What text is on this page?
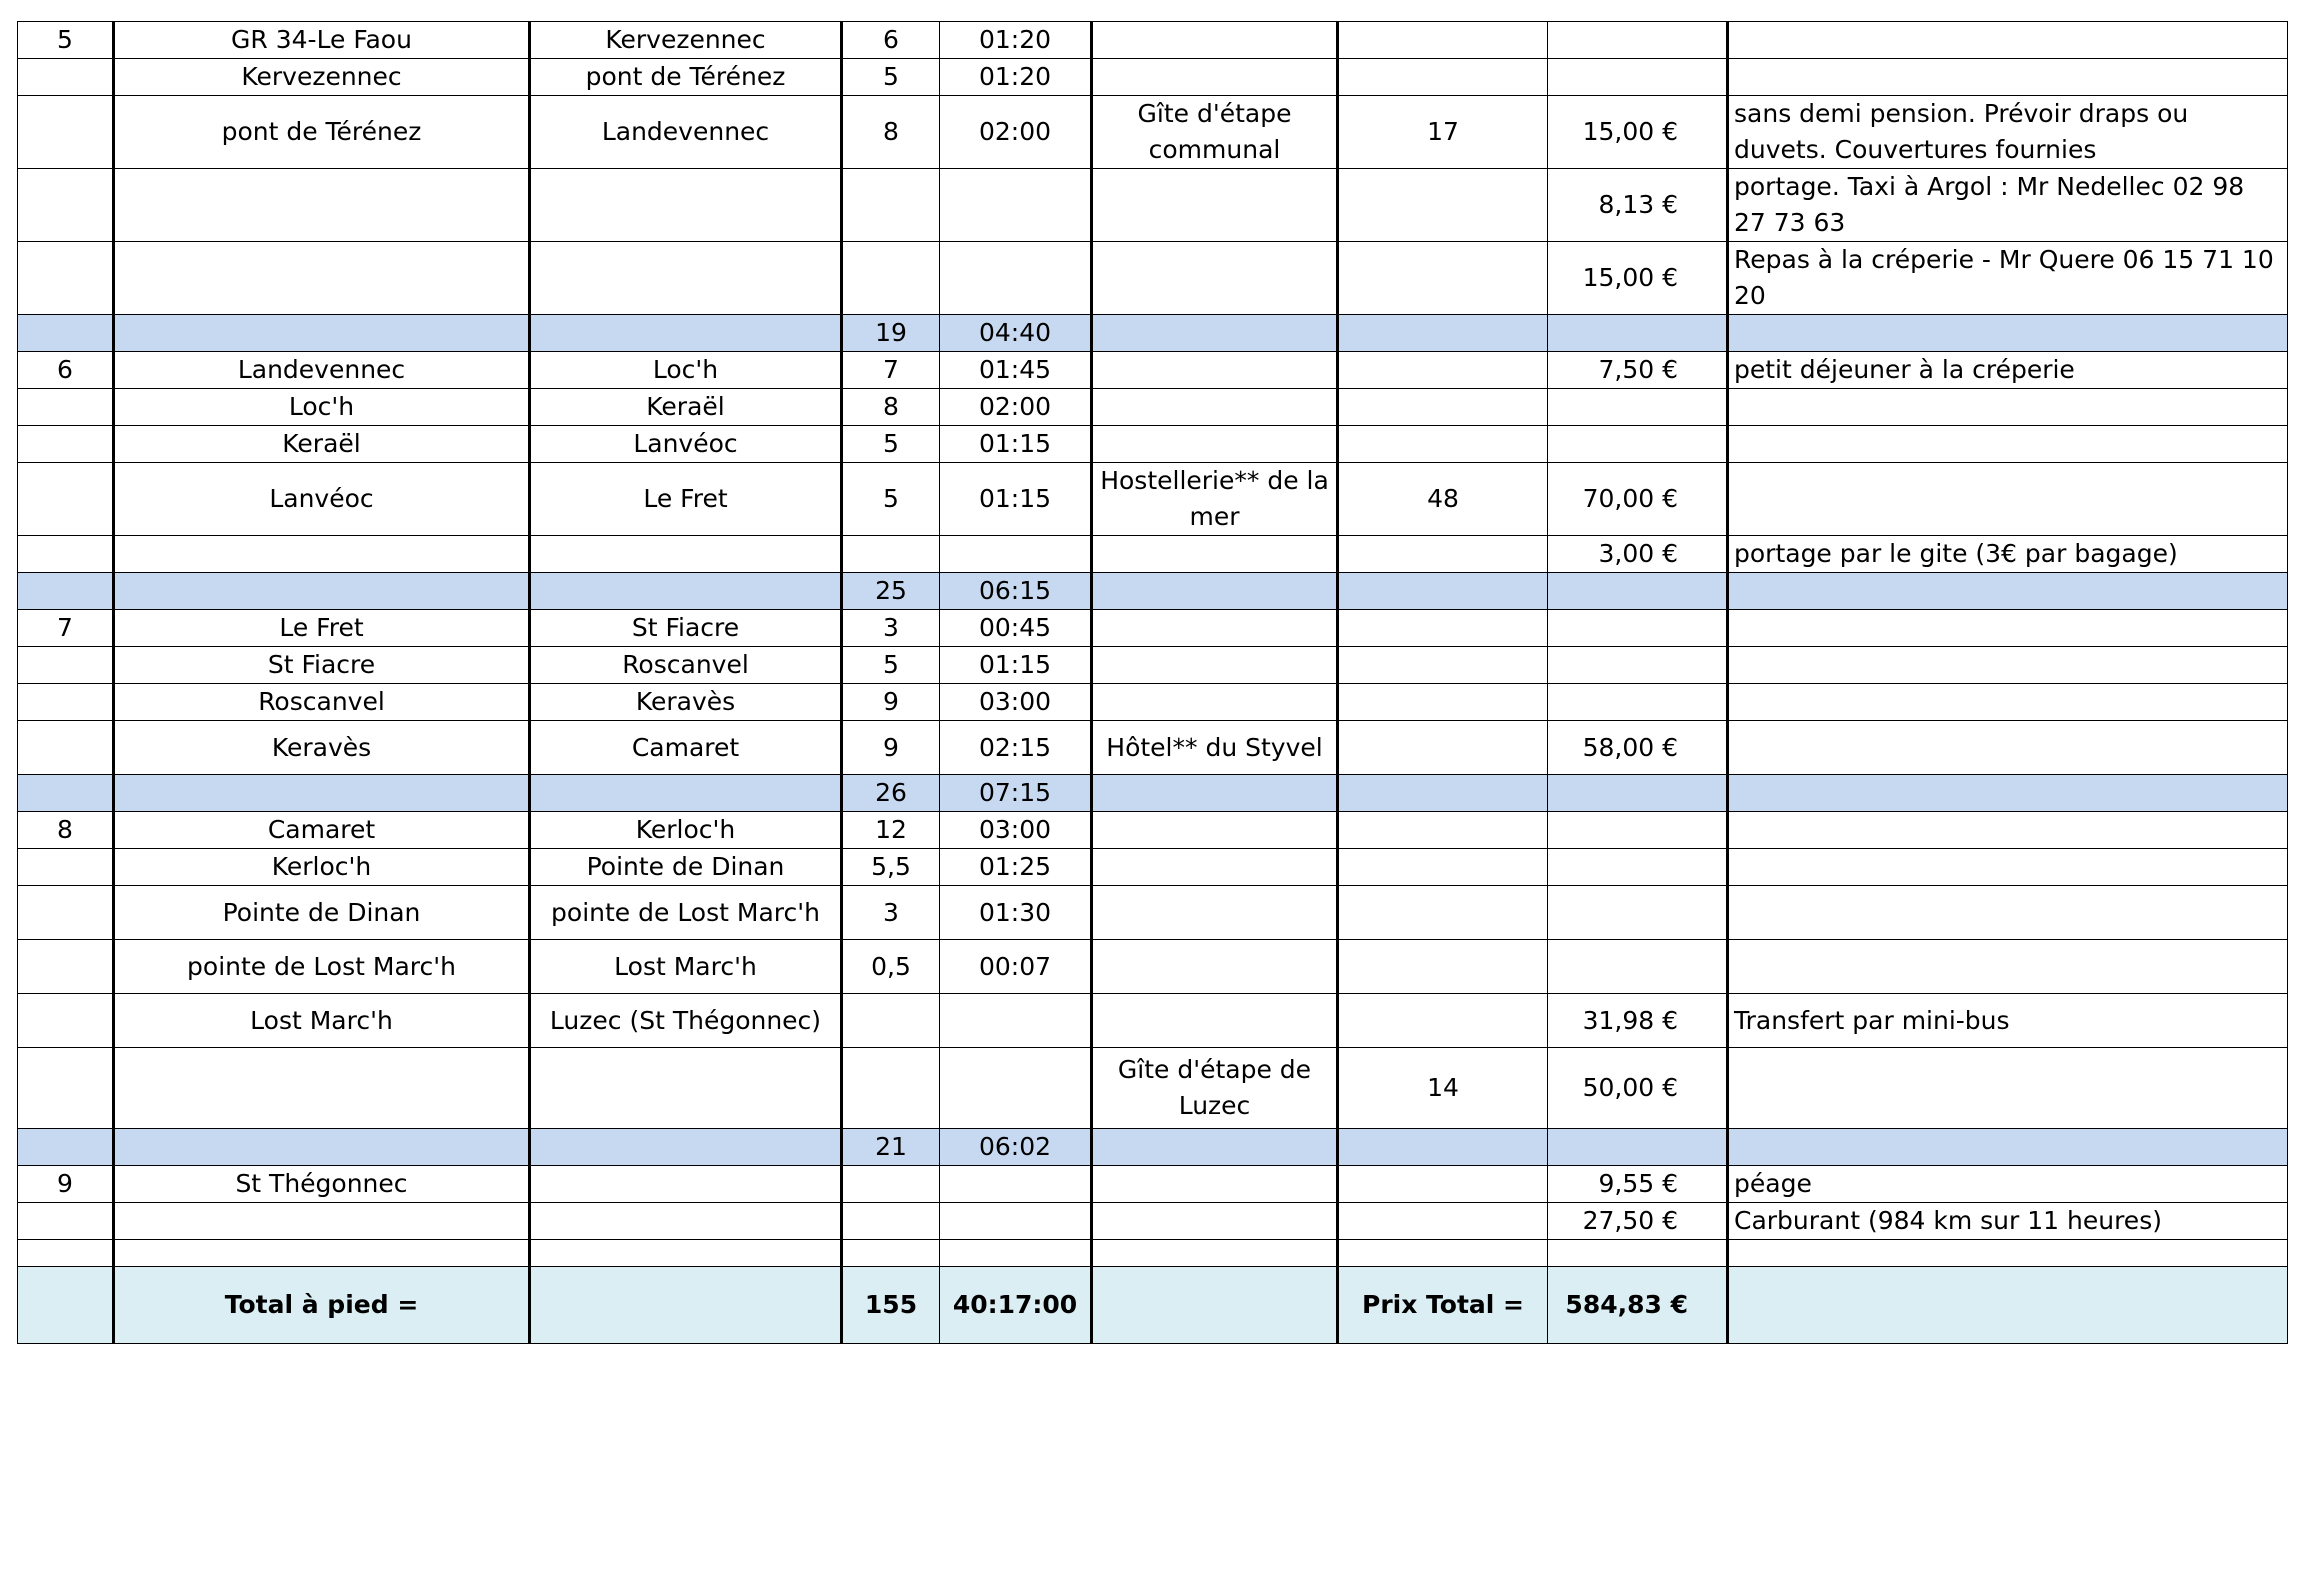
5	GR 34-Le Faou	Kervezennec	6	01:20				
	Kervezennec	pont de Térénez	5	01:20				
	pont de Térénez	Landevennec	8	02:00	Gîte d'étape communal	17	15,00 €	sans demi pension. Prévoir draps ou duvets. Couvertures fournies
							8,13 €	portage. Taxi à Argol : Mr Nedellec 02 98 27 73 63
							15,00 €	Repas à la créperie - Mr Quere 06 15 71 10 20
			19	04:40				
6	Landevennec	Loc'h	7	01:45			7,50 €	petit déjeuner à la créperie
	Loc'h	Keraël	8	02:00				
	Keraël	Lanvéoc	5	01:15				
	Lanvéoc	Le Fret	5	01:15	Hostellerie** de la mer	48	70,00 €	
							3,00 €	portage par le gite (3€ par bagage)
			25	06:15				
7	Le Fret	St Fiacre	3	00:45				
	St Fiacre	Roscanvel	5	01:15				
	Roscanvel	Keravès	9	03:00				
	Keravès	Camaret	9	02:15	Hôtel** du Styvel		58,00 €	
			26	07:15				
8	Camaret	Kerloc'h	12	03:00				
	Kerloc'h	Pointe de Dinan	5,5	01:25				
	Pointe de Dinan	pointe de Lost Marc'h	3	01:30				
	pointe de Lost Marc'h	Lost Marc'h	0,5	00:07				
	Lost Marc'h	Luzec (St Thégonnec)					31,98 €	Transfert par mini-bus
					Gîte d'étape de Luzec	14	50,00 €	
			21	06:02				
9	St Thégonnec						9,55 €	péage
							27,50 €	Carburant (984 km sur 11 heures)

	Total à pied =		155	40:17:00		Prix Total =	584,83 €	
